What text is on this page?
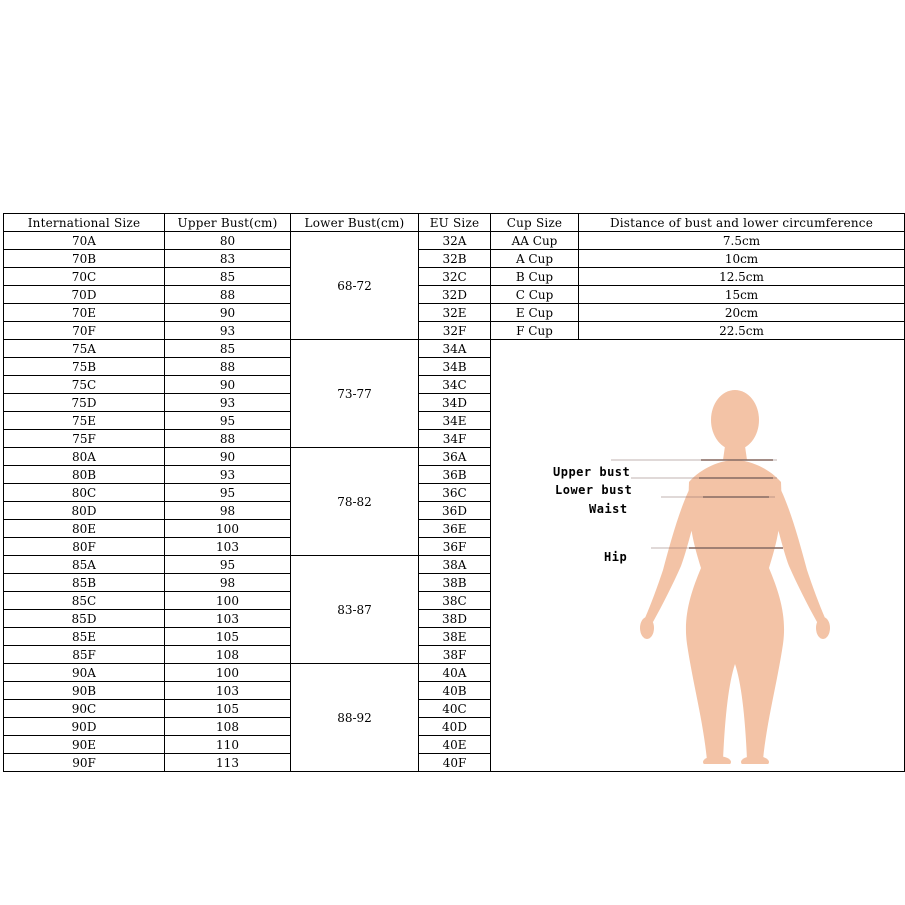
International Size	Upper Bust(cm)	Lower Bust(cm)	EU Size	Cup Size	Distance of bust and lower circumference
70A	80	68-72	32A	AA Cup	7.5cm
70B	83		32B	A Cup	10cm
70C	85		32C	B Cup	12.5cm
70D	88		32D	C Cup	15cm
70E	90		32E	E Cup	20cm
70F	93		32F	F Cup	22.5cm
75A	85	73-77	34A	Upper bust
Lower bust
Waist
Hip	

75B	88		34B		
75C	90		34C		
75D	93		34D		
75E	95		34E		
75F	88		34F		
80A	90	78-82	36A		
80B	93		36B		
80C	95		36C		
80D	98		36D		
80E	100		36E		
80F	103		36F		
85A	95	83-87	38A		
85B	98		38B		
85C	100		38C		
85D	103		38D		
85E	105		38E		
85F	108		38F		
90A	100	88-92	40A		
90B	103		40B		
90C	105		40C		
90D	108		40D		
90E	110		40E		
90F	113		40F		
